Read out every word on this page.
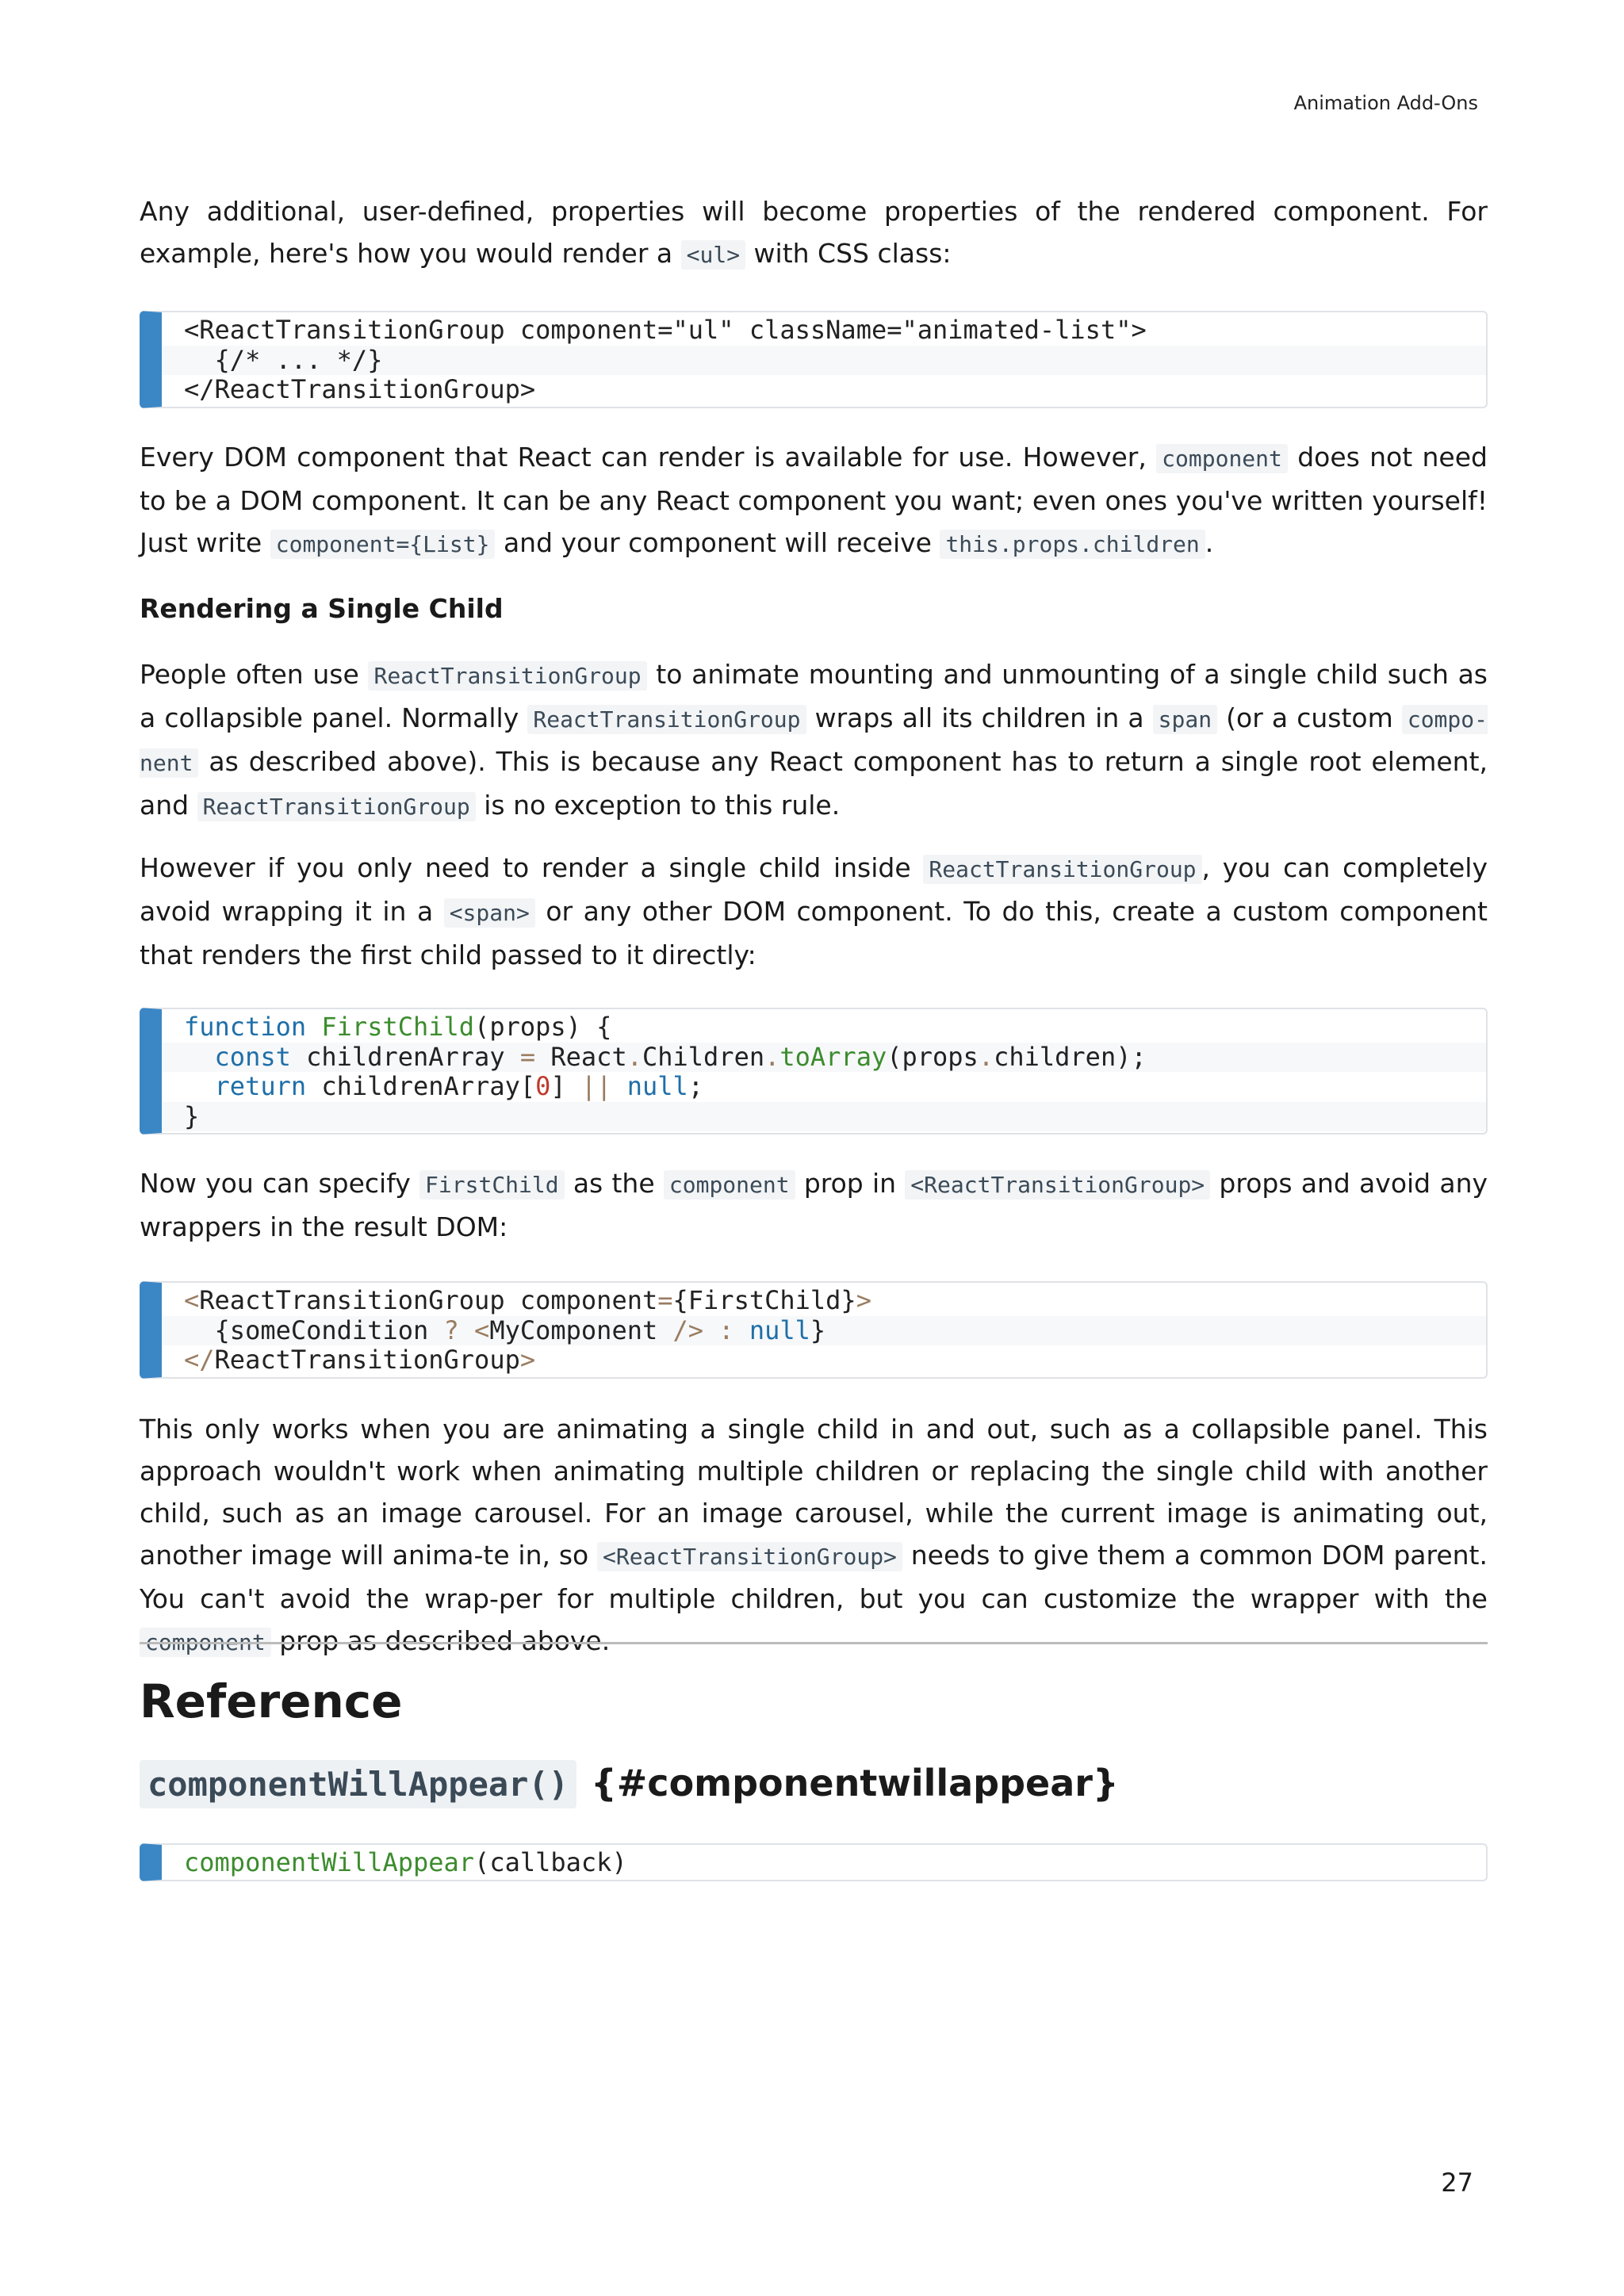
Animation Add-Ons

Any additional, user-defined, properties will become properties of the rendered component. For example, here's how you would render a <ul> with CSS class:

<ReactTransitionGroup component="ul" className="animated-list">
{/* ... */}
</ReactTransitionGroup>

Every DOM component that React can render is available for use. However, component does not need to be a DOM component. It can be any React component you want; even ones you've written yourself! Just write component={List} and your component will receive this.props.children .

Rendering a Single Child

People often use ReactTransitionGroup to animate mounting and unmounting of a single child such as a collapsible panel. Normally ReactTransitionGroup wraps all its children in a span (or a custom compo-nent as described above). This is because any React component has to return a single root element, and ReactTransitionGroup is no exception to this rule.

However if you only need to render a single child inside ReactTransitionGroup , you can completely avoid wrapping it in a <span> or any other DOM component. To do this, create a custom component that renders the first child passed to it directly:

function FirstChild(props) {
const childrenArray = React.Children.toArray(props.children);
return childrenArray[0] || null;
}

Now you can specify FirstChild as the component prop in <ReactTransitionGroup> props and avoid any wrappers in the result DOM:

<ReactTransitionGroup component={FirstChild}>
{someCondition ? <MyComponent /> : null}
</ReactTransitionGroup>

This only works when you are animating a single child in and out, such as a collapsible panel. This approach wouldn't work when animating multiple children or replacing the single child with another child, such as an image carousel. For an image carousel, while the current image is animating out, another image will anima-te in, so <ReactTransitionGroup> needs to give them a common DOM parent. You can't avoid the wrap-per for multiple children, but you can customize the wrapper with the component prop as described above.

Reference
componentWillAppear() {#componentwillappear}
componentWillAppear(callback)
27
